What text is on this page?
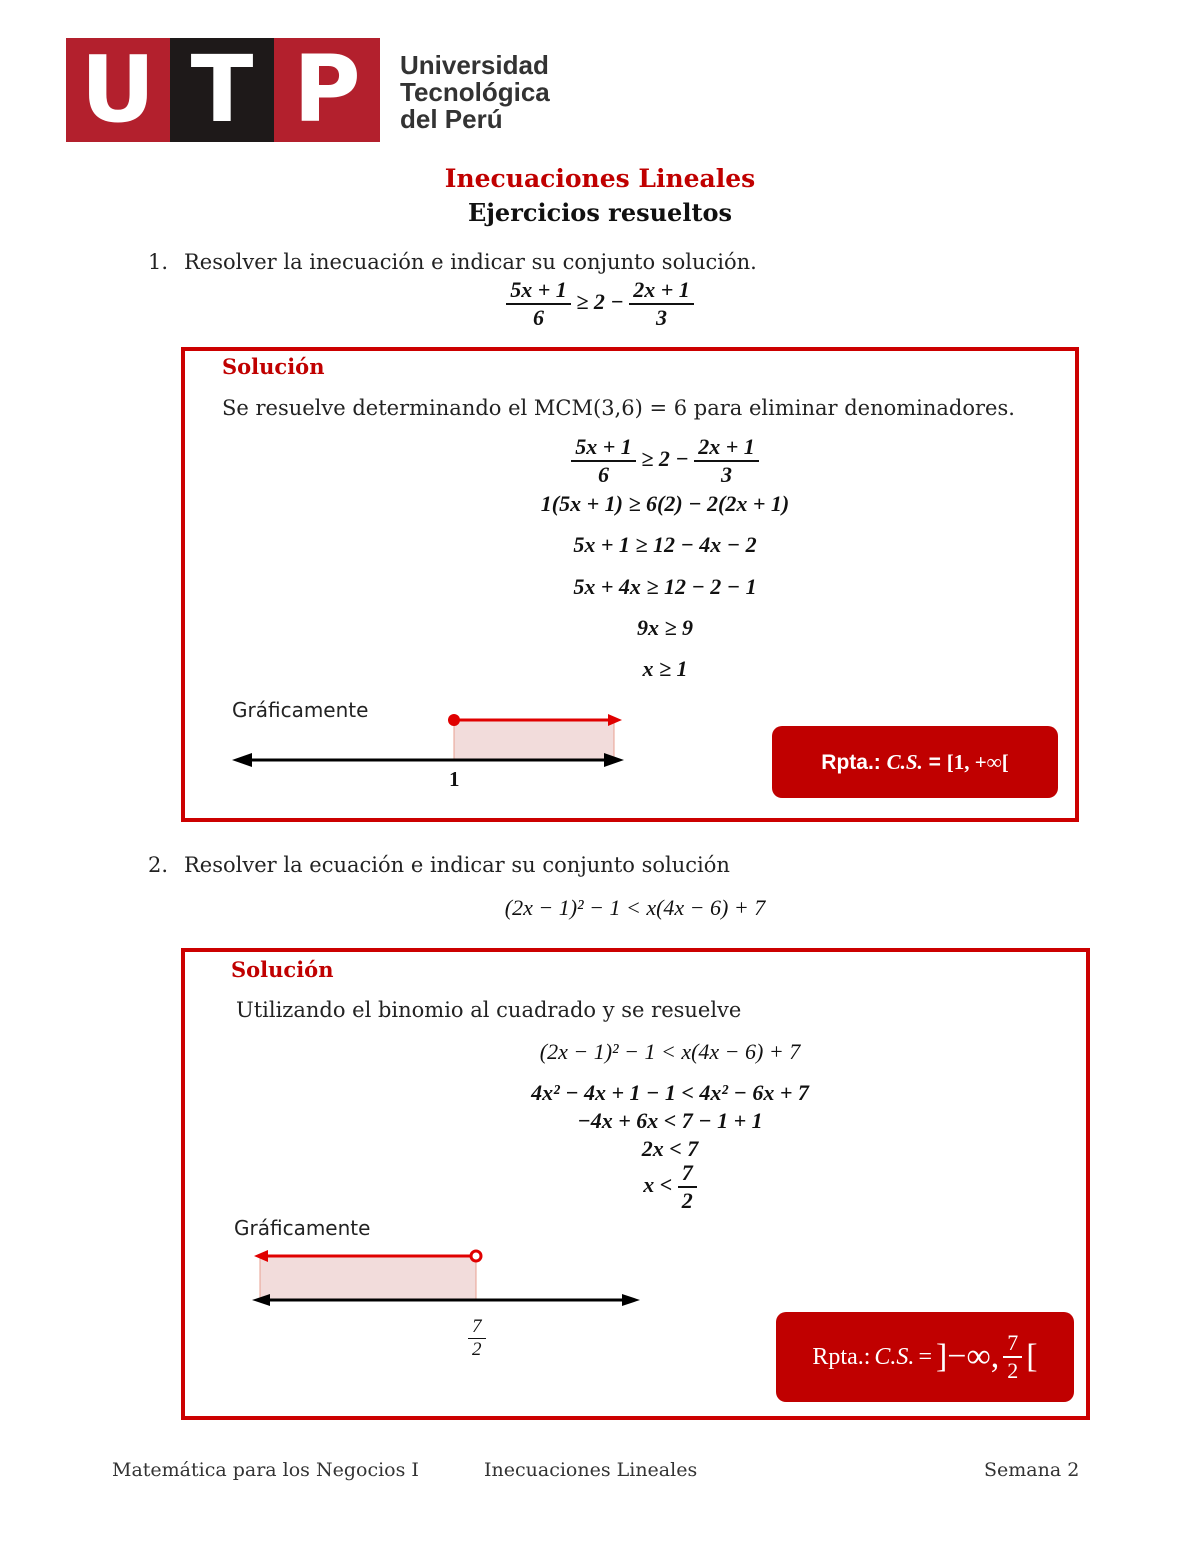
U T P	Universidad
Tecnológica
del Perú
Inecuaciones Lineales
Ejercicios resueltos
1. Resolver la inecuación e indicar su conjunto solución.
$\frac{5x + 1}{6} \ge 2 - \frac{2x + 1}{3}$
Solución
Se resuelve determinando el MCM(3,6) = 6 para eliminar denominadores.
$\frac{5x + 1}{6} \ge 2 - \frac{2x + 1}{3}$
1(5x + 1) ≥ 6(2) − 2(2x + 1)
5x + 1 ≥ 12 − 4x − 2
5x + 4x ≥ 12 − 2 − 1
9x ≥ 9
x ≥ 1
Gráficamente
1
Rpta.: C.S. = [1, +∞[
2. Resolver la ecuación e indicar su conjunto solución
(2x − 1)² − 1 < x(4x − 6) + 7
Solución
Utilizando el binomio al cuadrado y se resuelve
(2x − 1)² − 1 < x(4x − 6) + 7
4x² − 4x + 1 − 1 < 4x² − 6x + 7
−4x + 6x < 7 − 1 + 1
2x < 7
$x < \frac{7}{2}$
Gráficamente
$\frac{7}{2}$	Rpta.: C.S. = ]−∞, $\frac{7}{2}$ [
Matemática para los Negocios I	Inecuaciones Lineales	Semana 2
